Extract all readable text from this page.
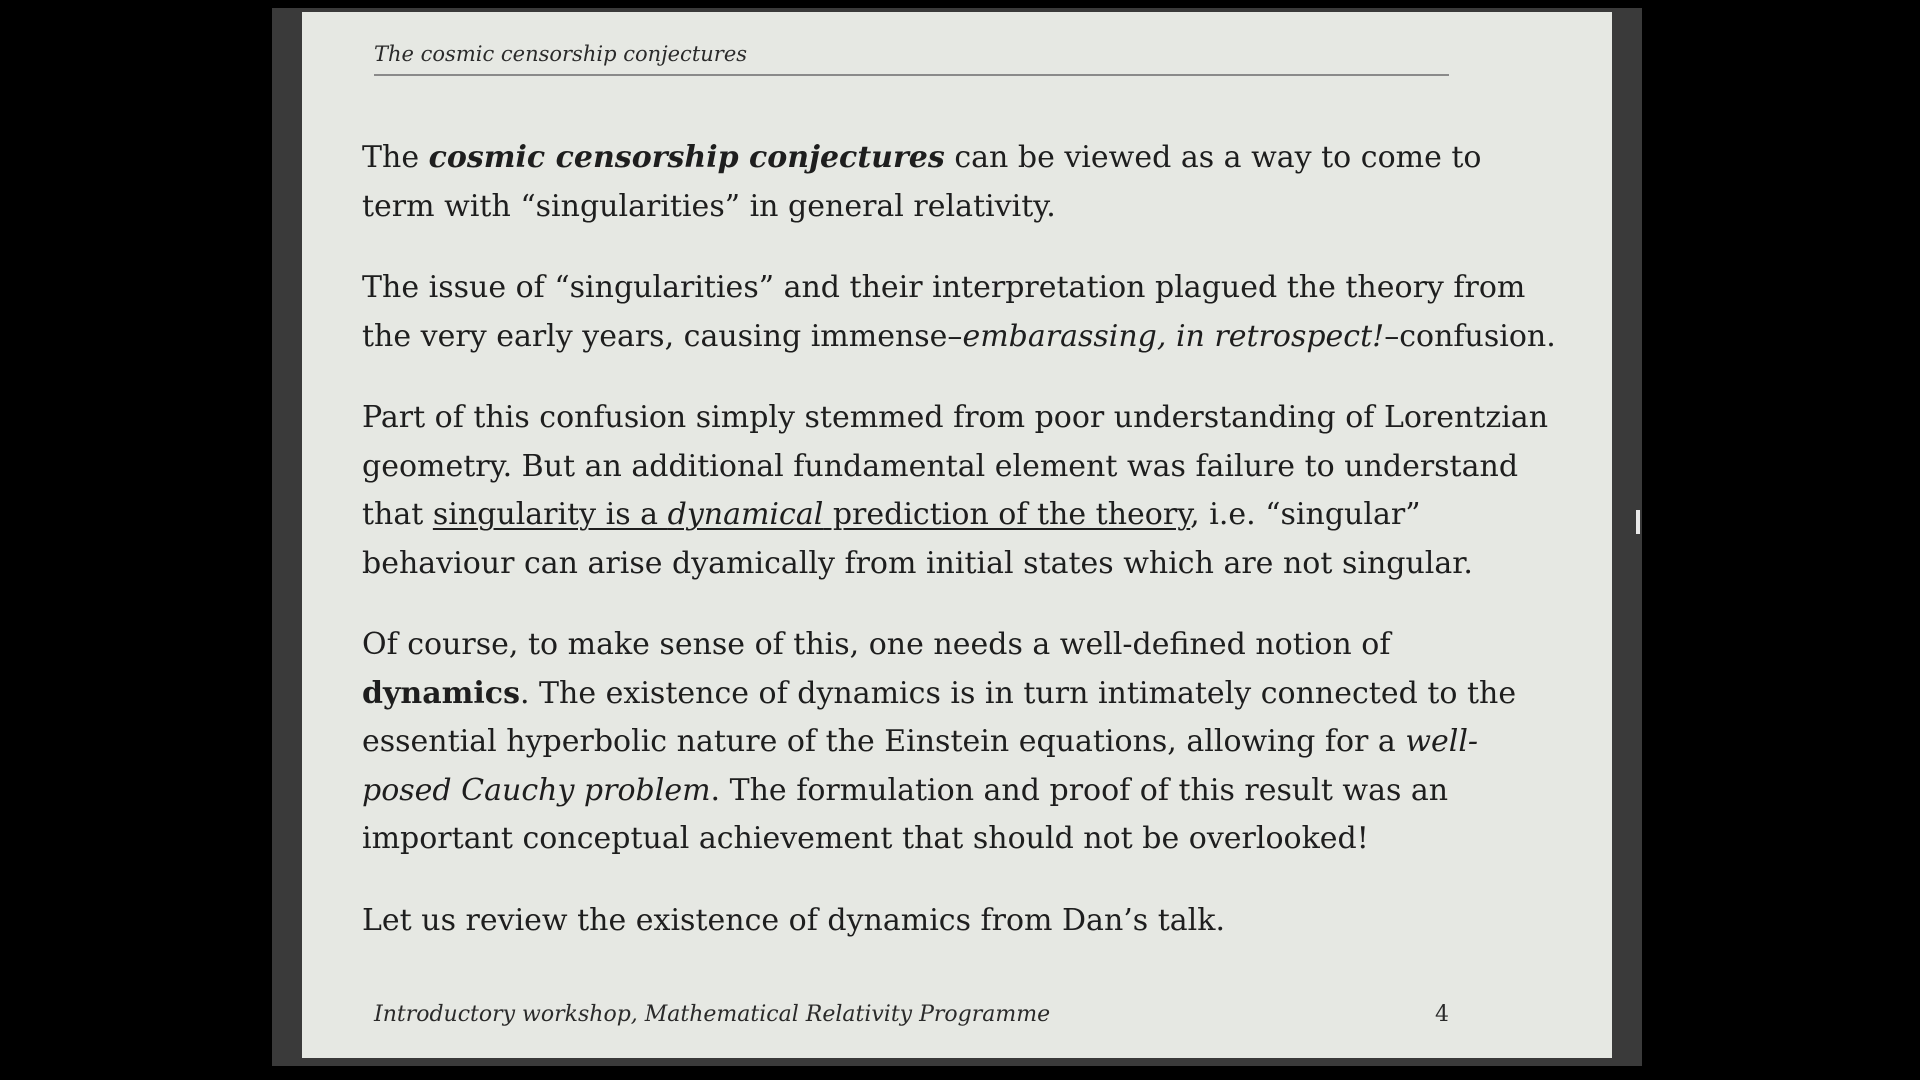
The cosmic censorship conjectures

The cosmic censorship conjectures can be viewed as a way to come to term with “singularities” in general relativity.

The issue of “singularities” and their interpretation plagued the theory from the very early years, causing immense–embarassing, in retrospect!–confusion.

Part of this confusion simply stemmed from poor understanding of Lorentzian geometry. But an additional fundamental element was failure to understand that singularity is a dynamical prediction of the theory, i.e. “singular” behaviour can arise dyamically from initial states which are not singular.

Of course, to make sense of this, one needs a well-defined notion of dynamics. The existence of dynamics is in turn intimately connected to the essential hyperbolic nature of the Einstein equations, allowing for a well-posed Cauchy problem. The formulation and proof of this result was an important conceptual achievement that should not be overlooked!

Let us review the existence of dynamics from Dan’s talk.

Introductory workshop, Mathematical Relativity Programme	4
